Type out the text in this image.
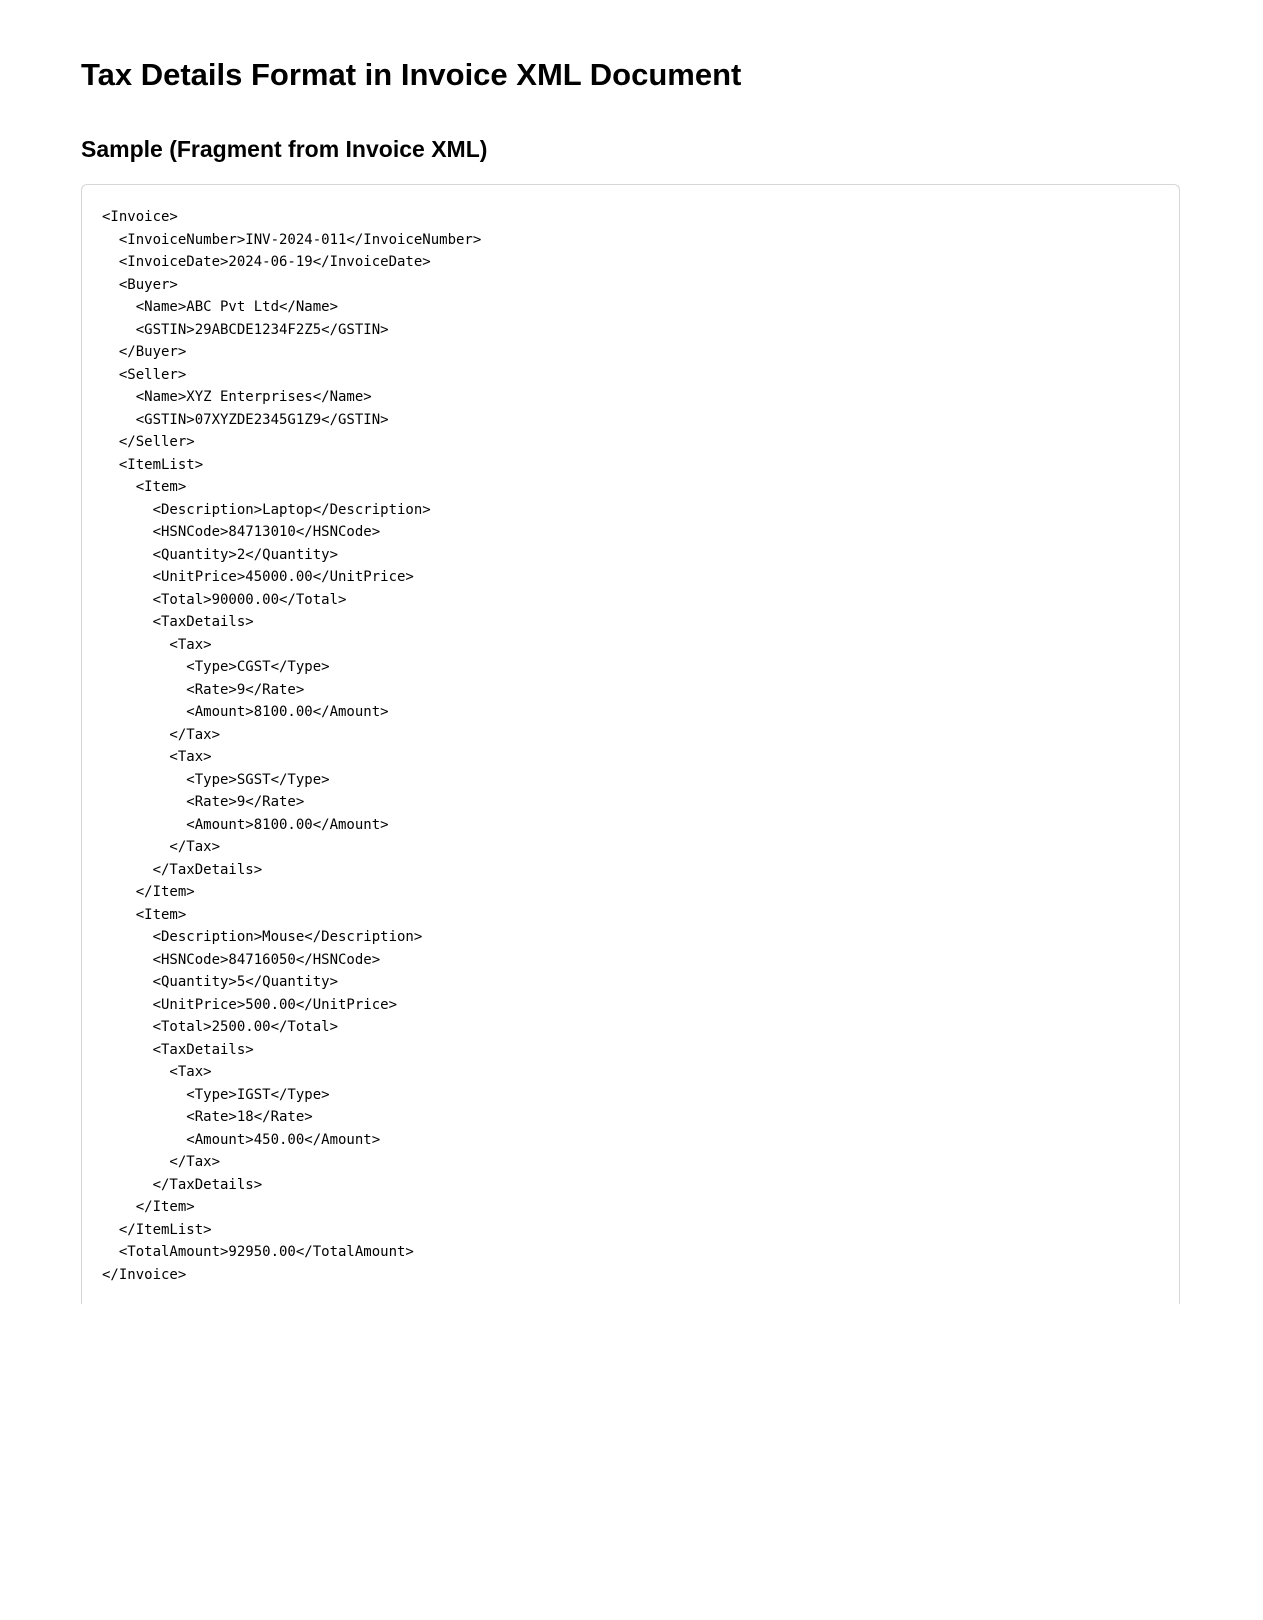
Tax Details Format in Invoice XML Document
Sample (Fragment from Invoice XML)
<Invoice>
<InvoiceNumber>INV-2024-011</InvoiceNumber>
<InvoiceDate>2024-06-19</InvoiceDate>
<Buyer>
<Name>ABC Pvt Ltd</Name>
<GSTIN>29ABCDE1234F2Z5</GSTIN>
</Buyer>
<Seller>
<Name>XYZ Enterprises</Name>
<GSTIN>07XYZDE2345G1Z9</GSTIN>
</Seller>
<ItemList>
<Item>
<Description>Laptop</Description>
<HSNCode>84713010</HSNCode>
<Quantity>2</Quantity>
<UnitPrice>45000.00</UnitPrice>
<Total>90000.00</Total>
<TaxDetails>
<Tax>
<Type>CGST</Type>
<Rate>9</Rate>
<Amount>8100.00</Amount>
</Tax>
<Tax>
<Type>SGST</Type>
<Rate>9</Rate>
<Amount>8100.00</Amount>
</Tax>
</TaxDetails>
</Item>
<Item>
<Description>Mouse</Description>
<HSNCode>84716050</HSNCode>
<Quantity>5</Quantity>
<UnitPrice>500.00</UnitPrice>
<Total>2500.00</Total>
<TaxDetails>
<Tax>
<Type>IGST</Type>
<Rate>18</Rate>
<Amount>450.00</Amount>
</Tax>
</TaxDetails>
</Item>
</ItemList>
<TotalAmount>92950.00</TotalAmount>
</Invoice>
